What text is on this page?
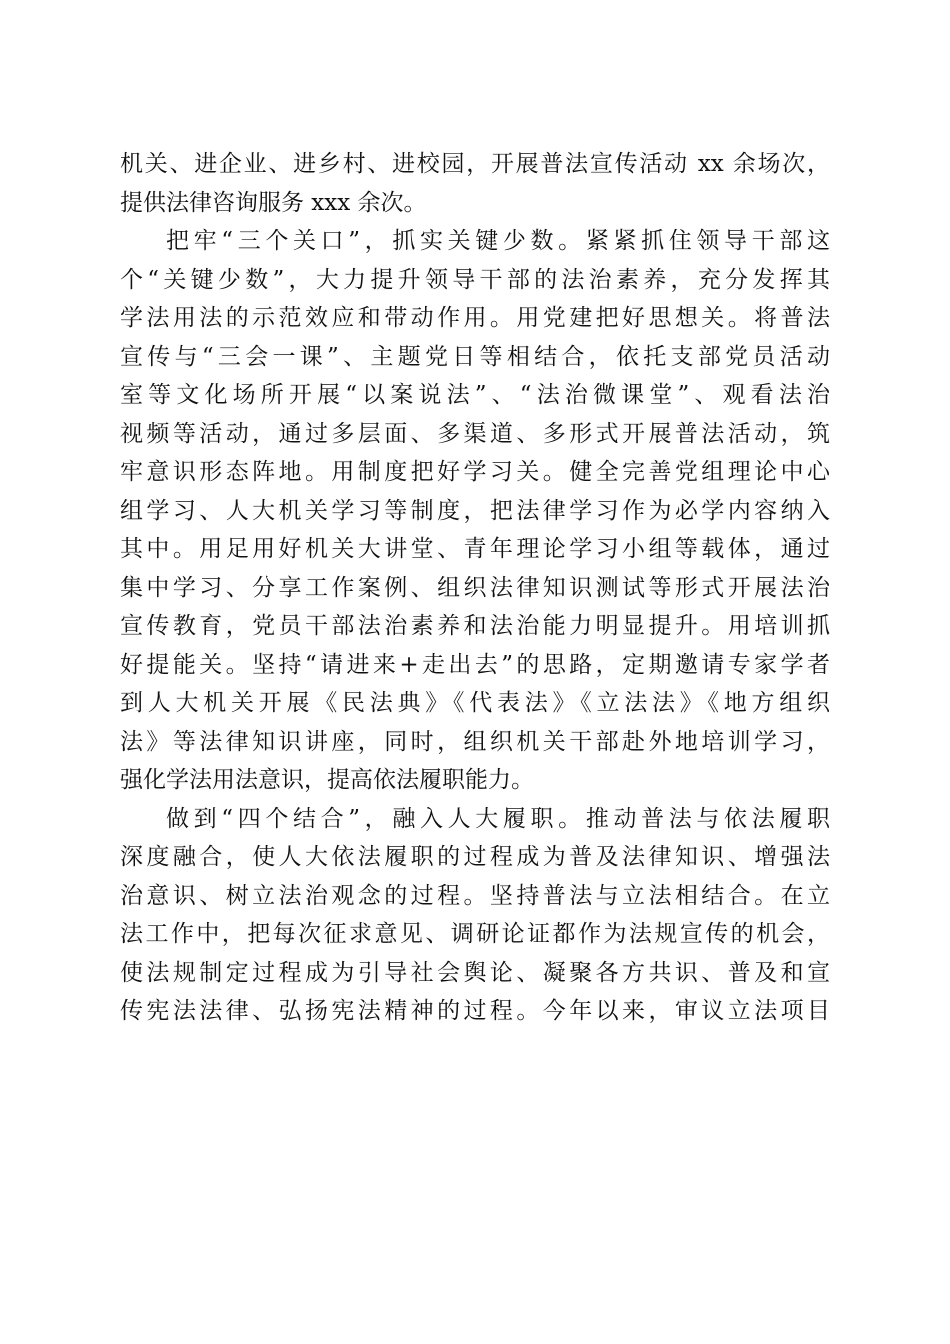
机关、进企业、进乡村、进校园，开展普法宣传活动 xx 余场次，
提供法律咨询服务 xxx 余次。
把牢“三个关口”，抓实关键少数。紧紧抓住领导干部这
个“关键少数”，大力提升领导干部的法治素养，充分发挥其
学法用法的示范效应和带动作用。用党建把好思想关。将普法
宣传与“三会一课”、主题党日等相结合，依托支部党员活动
室等文化场所开展“以案说法”、“法治微课堂”、观看法治
视频等活动，通过多层面、多渠道、多形式开展普法活动，筑
牢意识形态阵地。用制度把好学习关。健全完善党组理论中心
组学习、人大机关学习等制度，把法律学习作为必学内容纳入
其中。用足用好机关大讲堂、青年理论学习小组等载体，通过
集中学习、分享工作案例、组织法律知识测试等形式开展法治
宣传教育，党员干部法治素养和法治能力明显提升。用培训抓
好提能关。坚持“请进来+走出去”的思路，定期邀请专家学者
到人大机关开展《民法典》《代表法》《立法法》《地方组织
法》等法律知识讲座，同时，组织机关干部赴外地培训学习，
强化学法用法意识，提高依法履职能力。
做到“四个结合”，融入人大履职。推动普法与依法履职
深度融合，使人大依法履职的过程成为普及法律知识、增强法
治意识、树立法治观念的过程。坚持普法与立法相结合。在立
法工作中，把每次征求意见、调研论证都作为法规宣传的机会，
使法规制定过程成为引导社会舆论、凝聚各方共识、普及和宣
传宪法法律、弘扬宪法精神的过程。今年以来，审议立法项目
